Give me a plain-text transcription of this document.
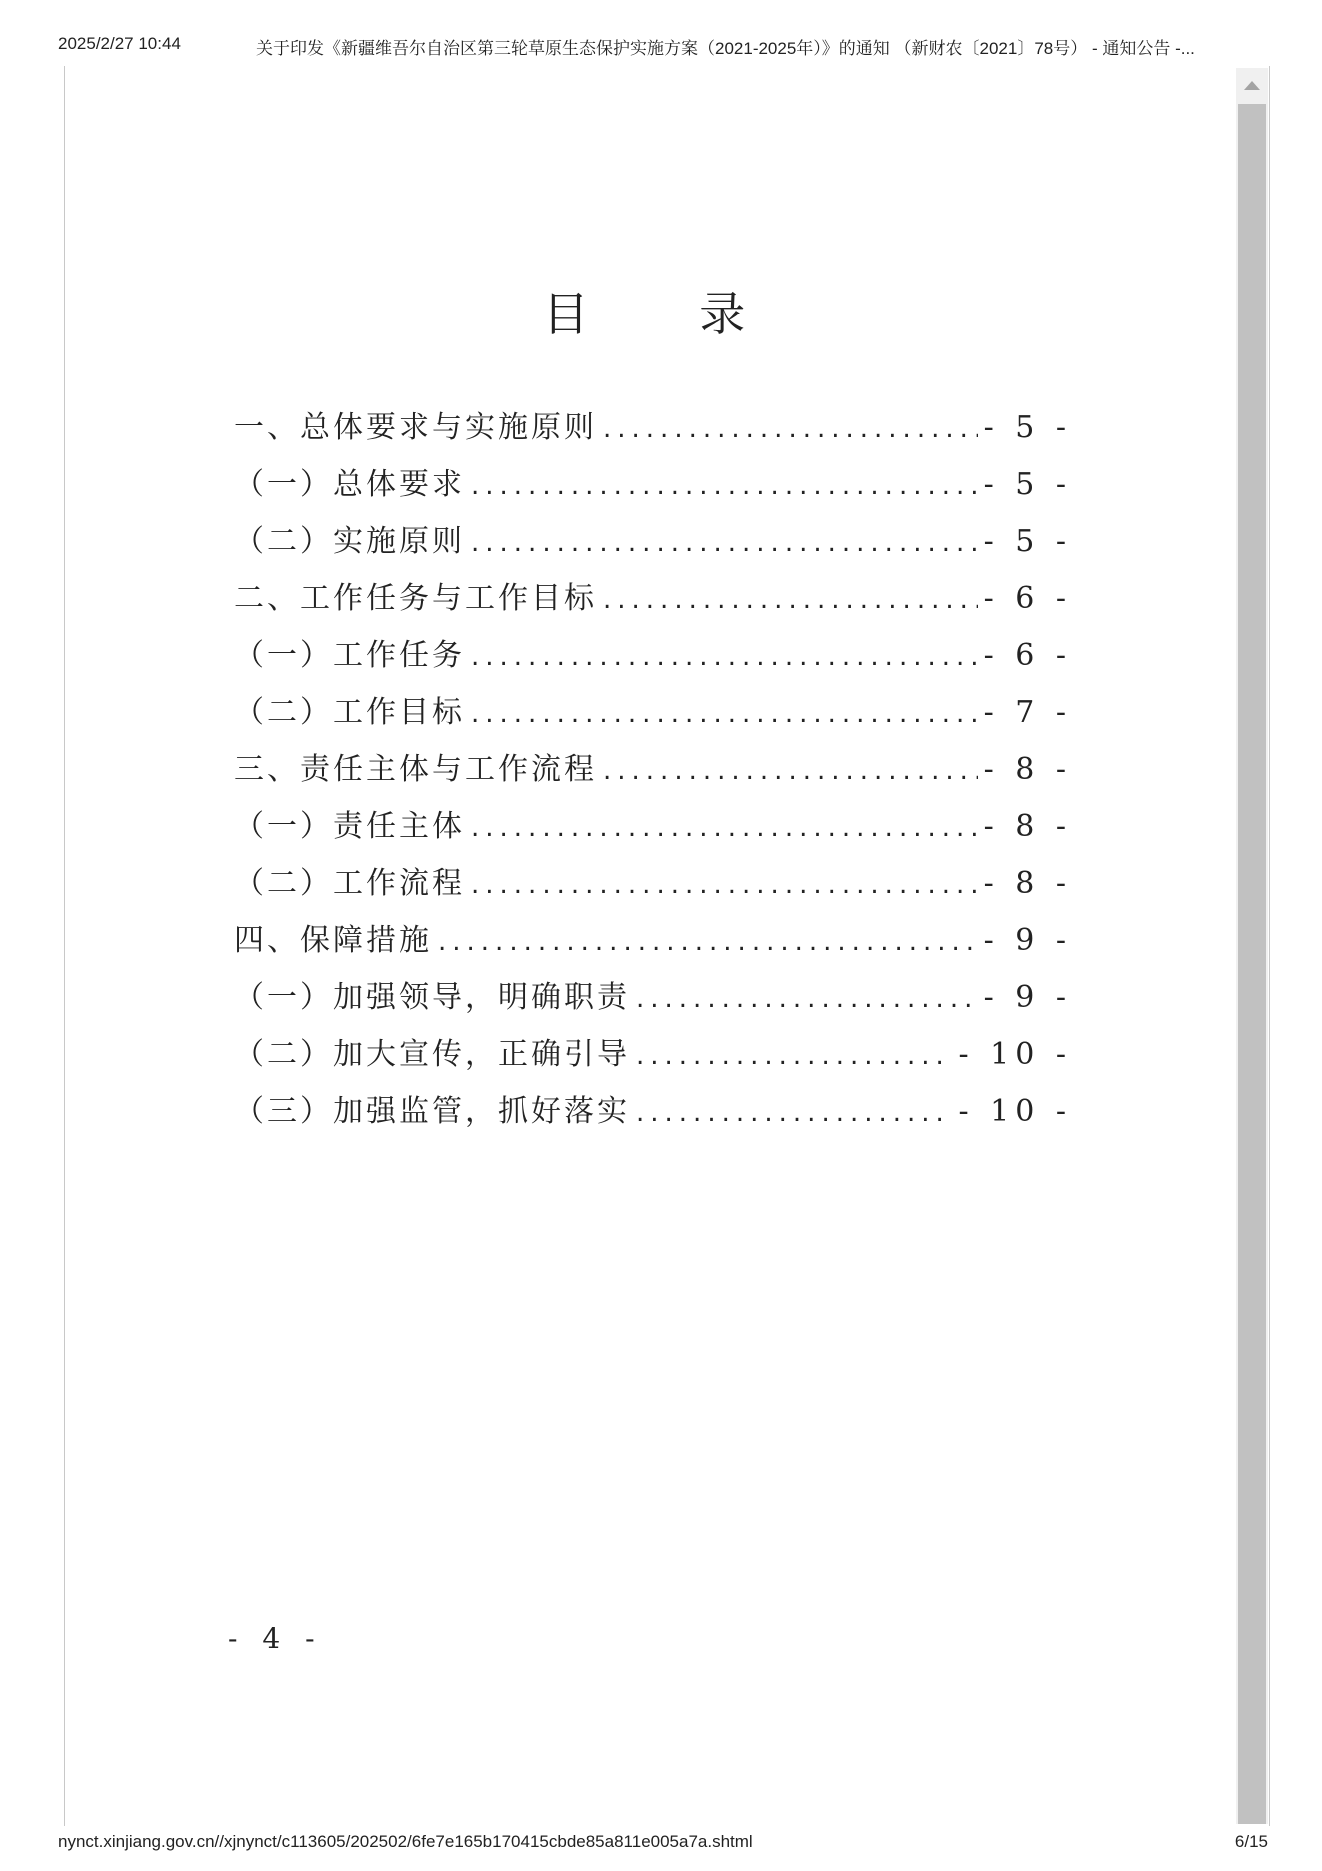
2025/2/27 10:44	关于印发《新疆维吾尔自治区第三轮草原生态保护实施方案（2021-2025年）》的通知 （新财农〔2021〕78号） - 通知公告 -...
目 录
一、总体要求与实施原则 .....	- 5 -
（一）总体要求 .....	- 5 -
（二）实施原则 .....	- 5 -
二、工作任务与工作目标 .....	- 6 -
（一）工作任务 .....	- 6 -
（二）工作目标 .....	- 7 -
三、责任主体与工作流程 .....	- 8 -
（一）责任主体 .....	- 8 -
（二）工作流程 .....	- 8 -
四、保障措施 .....	- 9 -
（一）加强领导，明确职责 .....	- 9 -
（二）加大宣传，正确引导 .....	- 10 -
（三）加强监管，抓好落实 .....	- 10 -
- 4 -
nynct.xinjiang.gov.cn//xjnynct/c113605/202502/6fe7e165b170415cbde85a811e005a7a.shtml	6/15
